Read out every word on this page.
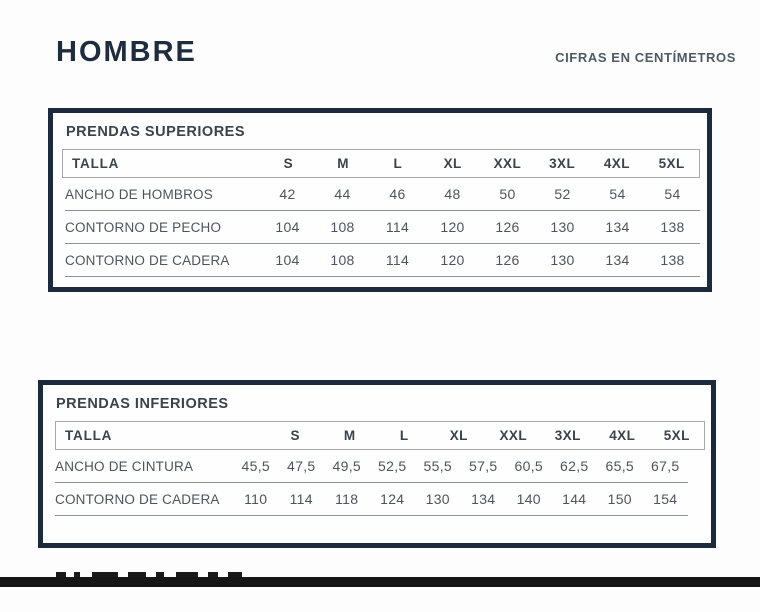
HOMBRE	CIFRAS EN CENTÍMETROS
PRENDAS SUPERIORES
TALLA	S	M	L	XL	XXL	3XL	4XL	5XL
ANCHO DE HOMBROS	42	44	46	48	50	52	54	54
CONTORNO DE PECHO	104	108	114	120	126	130	134	138
CONTORNO DE CADERA	104	108	114	120	126	130	134	138
PRENDAS INFERIORES
TALLA	S	M	L	XL	XXL	3XL	4XL	5XL
ANCHO DE CINTURA	45,5	47,5	49,5	52,5	55,5	57,5	60,5	62,5	65,5	67,5
CONTORNO DE CADERA	110	114	118	124	130	134	140	144	150	154
